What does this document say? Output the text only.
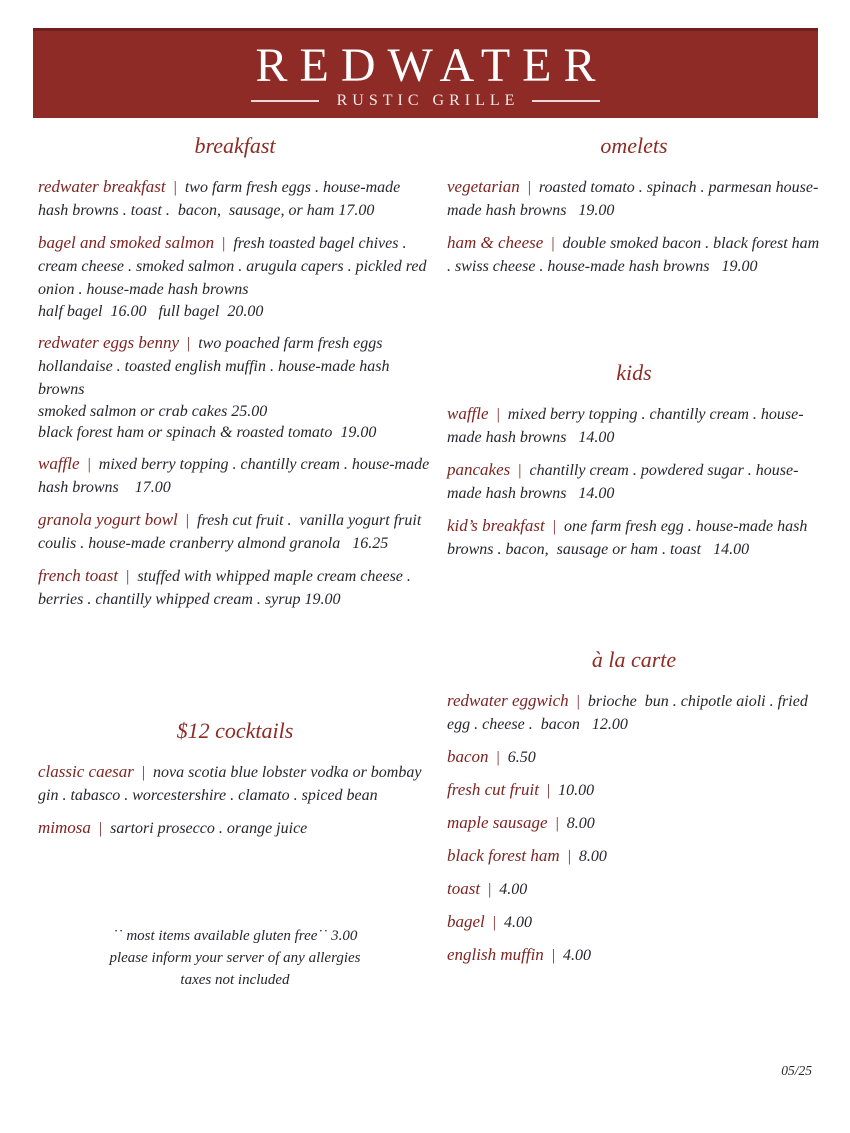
REDWATER
RUSTIC GRILLE
breakfast

redwater breakfast  |  two farm fresh eggs . house-made hash browns . toast .  bacon,  sausage, or ham 17.00

bagel and smoked salmon  |  fresh toasted bagel chives .  cream cheese . smoked salmon . arugula capers . pickled red onion . house-made hash browns

half bagel  16.00   full bagel  20.00

redwater eggs benny  |  two poached farm fresh eggs hollandaise . toasted english muffin . house-made hash browns

smoked salmon or crab cakes 25.00

black forest ham or spinach & roasted tomato  19.00

waffle  |  mixed berry topping . chantilly cream . house-made hash browns    17.00

granola yogurt bowl  |  fresh cut fruit .  vanilla yogurt fruit coulis . house-made cranberry almond granola   16.25

french toast  |  stuffed with whipped maple cream cheese . berries . chantilly whipped cream . syrup 19.00

$12 cocktails

classic caesar  |  nova scotia blue lobster vodka or bombay gin . tabasco . worcestershire . clamato . spiced bean

mimosa  |  sartori prosecco . orange juice

˙˙ most items available gluten free˙˙ 3.00

please inform your server of any allergies

taxes not included

omelets

vegetarian  |  roasted tomato . spinach . parmesan house-made hash browns   19.00

ham & cheese  |  double smoked bacon . black forest ham . swiss cheese . house-made hash browns   19.00

kids

waffle  |  mixed berry topping . chantilly cream . house-made hash browns   14.00

pancakes  |  chantilly cream . powdered sugar . house-made hash browns   14.00

kid’s breakfast  |  one farm fresh egg . house-made hash browns . bacon,  sausage or ham . toast   14.00

à la carte

redwater eggwich  |  brioche  bun . chipotle aioli . fried egg . cheese .  bacon   12.00

bacon  |  6.50

fresh cut fruit  |  10.00

maple sausage  |  8.00

black forest ham  |  8.00

toast  |  4.00

bagel  |  4.00

english muffin  |  4.00

05/25
